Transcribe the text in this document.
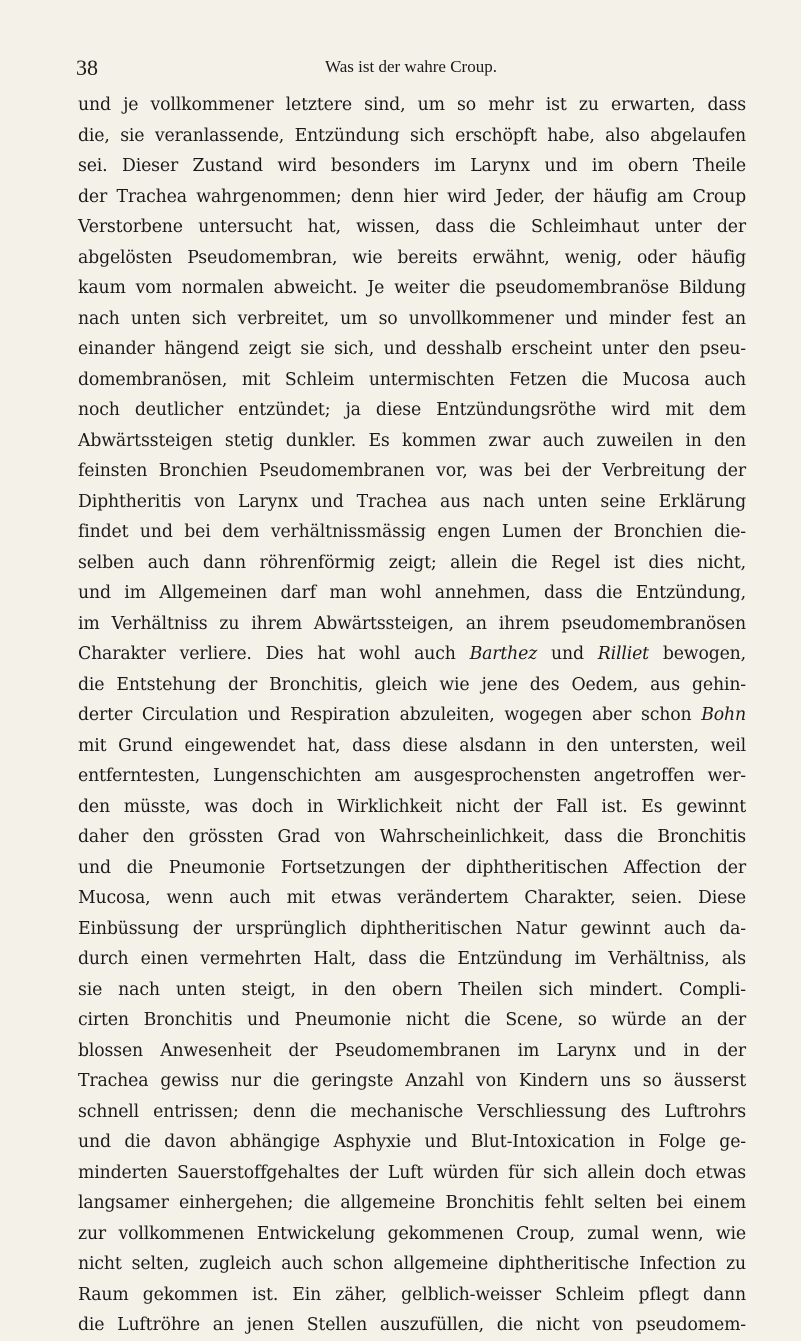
38	Was ist der wahre Croup.
und je vollkommener letztere sind, um so mehr ist zu erwarten, dass
die, sie veranlassende, Entzündung sich erschöpft habe, also abgelaufen
sei. Dieser Zustand wird besonders im Larynx und im obern Theile
der Trachea wahrgenommen; denn hier wird Jeder, der häufig am Croup
Verstorbene untersucht hat, wissen, dass die Schleimhaut unter der
abgelösten Pseudomembran, wie bereits erwähnt, wenig, oder häufig
kaum vom normalen abweicht. Je weiter die pseudomembranöse Bildung
nach unten sich verbreitet, um so unvollkommener und minder fest an
einander hängend zeigt sie sich, und desshalb erscheint unter den pseu-
domembranösen, mit Schleim untermischten Fetzen die Mucosa auch
noch deutlicher entzündet; ja diese Entzündungsröthe wird mit dem
Abwärtssteigen stetig dunkler. Es kommen zwar auch zuweilen in den
feinsten Bronchien Pseudomembranen vor, was bei der Verbreitung der
Diphtheritis von Larynx und Trachea aus nach unten seine Erklärung
findet und bei dem verhältnissmässig engen Lumen der Bronchien die-
selben auch dann röhrenförmig zeigt; allein die Regel ist dies nicht,
und im Allgemeinen darf man wohl annehmen, dass die Entzündung,
im Verhältniss zu ihrem Abwärtssteigen, an ihrem pseudomembranösen
Charakter verliere. Dies hat wohl auch Barthez und Rilliet bewogen,
die Entstehung der Bronchitis, gleich wie jene des Oedem, aus gehin-
derter Circulation und Respiration abzuleiten, wogegen aber schon Bohn
mit Grund eingewendet hat, dass diese alsdann in den untersten, weil
entferntesten, Lungenschichten am ausgesprochensten angetroffen wer-
den müsste, was doch in Wirklichkeit nicht der Fall ist. Es gewinnt
daher den grössten Grad von Wahrscheinlichkeit, dass die Bronchitis
und die Pneumonie Fortsetzungen der diphtheritischen Affection der
Mucosa, wenn auch mit etwas verändertem Charakter, seien. Diese
Einbüssung der ursprünglich diphtheritischen Natur gewinnt auch da-
durch einen vermehrten Halt, dass die Entzündung im Verhältniss, als
sie nach unten steigt, in den obern Theilen sich mindert. Compli-
cirten Bronchitis und Pneumonie nicht die Scene, so würde an der
blossen Anwesenheit der Pseudomembranen im Larynx und in der
Trachea gewiss nur die geringste Anzahl von Kindern uns so äusserst
schnell entrissen; denn die mechanische Verschliessung des Luftrohrs
und die davon abhängige Asphyxie und Blut-Intoxication in Folge ge-
minderten Sauerstoffgehaltes der Luft würden für sich allein doch etwas
langsamer einhergehen; die allgemeine Bronchitis fehlt selten bei einem
zur vollkommenen Entwickelung gekommenen Croup, zumal wenn, wie
nicht selten, zugleich auch schon allgemeine diphtheritische Infection zu
Raum gekommen ist. Ein zäher, gelblich-weisser Schleim pflegt dann
die Luftröhre an jenen Stellen auszufüllen, die nicht von pseudomem-
